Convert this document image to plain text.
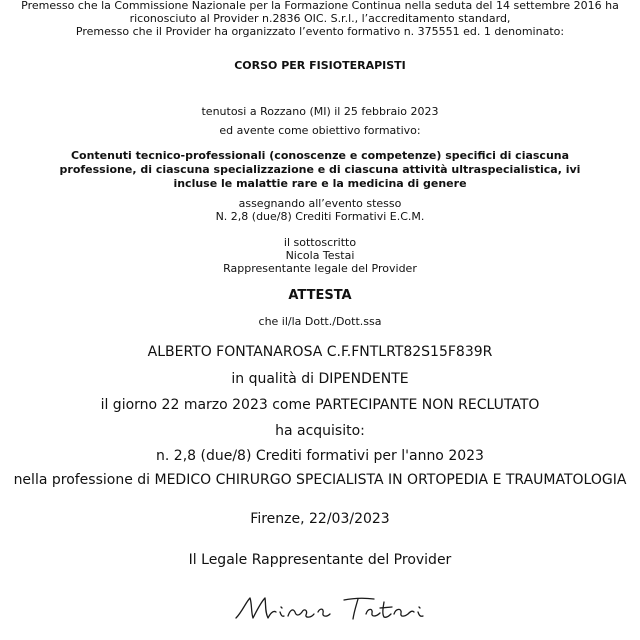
Premesso che la Commissione Nazionale per la Formazione Continua nella seduta del 14 settembre 2016 ha
riconosciuto al Provider n.2836 OIC. S.r.l., l’accreditamento standard,
Premesso che il Provider ha organizzato l’evento formativo n. 375551 ed. 1 denominato:
CORSO PER FISIOTERAPISTI
tenutosi a Rozzano (MI) il 25 febbraio 2023
ed avente come obiettivo formativo:
Contenuti tecnico-professionali (conoscenze e competenze) specifici di ciascuna
professione, di ciascuna specializzazione e di ciascuna attività ultraspecialistica, ivi
incluse le malattie rare e la medicina di genere
assegnando all’evento stesso
N. 2,8 (due/8) Crediti Formativi E.C.M.
il sottoscritto
Nicola Testai
Rappresentante legale del Provider
ATTESTA
che il/la Dott./Dott.ssa
ALBERTO FONTANAROSA C.F.FNTLRT82S15F839R
in qualità di DIPENDENTE
il giorno 22 marzo 2023 come PARTECIPANTE NON RECLUTATO
ha acquisito:
n. 2,8 (due/8) Crediti formativi per l'anno 2023
nella professione di MEDICO CHIRURGO SPECIALISTA IN ORTOPEDIA E TRAUMATOLOGIA
Firenze, 22/03/2023
Il Legale Rappresentante del Provider
